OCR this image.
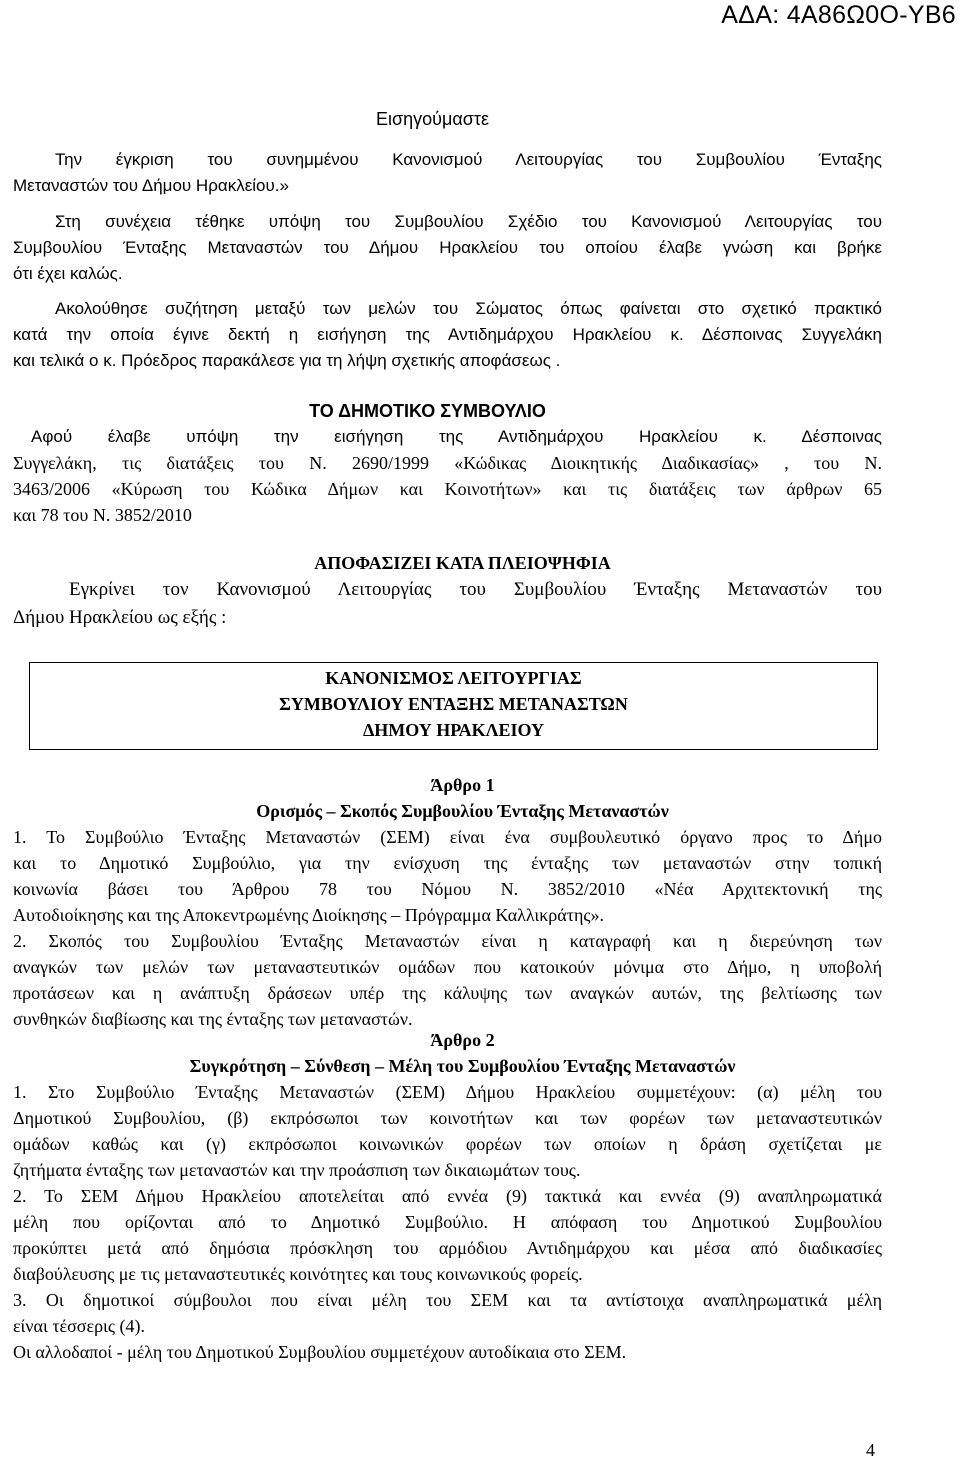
ΑΔΑ: 4Α86Ω0Ο-ΥΒ6
Εισηγούμαστε
Την έγκριση του συνημμένου Κανονισμού Λειτουργίας του Συμβουλίου Ένταξης
Μεταναστών του Δήμου Ηρακλείου.»
Στη συνέχεια τέθηκε υπόψη του Συμβουλίου Σχέδιο του Κανονισμού Λειτουργίας του
Συμβουλίου Ένταξης Μεταναστών του Δήμου Ηρακλείου του οποίου έλαβε γνώση και βρήκε
ότι έχει καλώς.
Ακολούθησε συζήτηση μεταξύ των μελών του Σώματος όπως φαίνεται στο σχετικό πρακτικό
κατά την οποία έγινε δεκτή η εισήγηση της Αντιδημάρχου Ηρακλείου κ. Δέσποινας Συγγελάκη
και τελικά ο κ. Πρόεδρος παρακάλεσε για τη λήψη σχετικής αποφάσεως .

ΤΟ ΔΗΜΟΤΙΚΟ ΣΥΜΒΟΥΛΙΟ

Αφού έλαβε υπόψη την εισήγηση της Αντιδημάρχου Ηρακλείου κ. Δέσποινας
Συγγελάκη, τις διατάξεις του Ν. 2690/1999 «Κώδικας Διοικητικής Διαδικασίας» , του Ν.
3463/2006 «Κύρωση του Κώδικα Δήμων και Κοινοτήτων» και τις διατάξεις των άρθρων 65
και 78 του Ν. 3852/2010

ΑΠΟΦΑΣΙΖΕΙ ΚΑΤΑ ΠΛΕΙΟΨΗΦΙΑ

Εγκρίνει τον Κανονισμού Λειτουργίας του Συμβουλίου Ένταξης Μεταναστών του
Δήμου Ηρακλείου ως εξής :

ΚΑΝΟΝΙΣΜΟΣ ΛΕΙΤΟΥΡΓΙΑΣ

ΣΥΜΒΟΥΛΙΟΥ ΕΝΤΑΞΗΣ ΜΕΤΑΝΑΣΤΩΝ

ΔΗΜΟΥ ΗΡΑΚΛΕΙΟΥ

Άρθρο 1

Ορισμός – Σκοπός Συμβουλίου Ένταξης Μεταναστών

1. Το Συμβούλιο Ένταξης Μεταναστών (ΣΕΜ) είναι ένα συμβουλευτικό όργανο προς το Δήμο
και το Δημοτικό Συμβούλιο, για την ενίσχυση της ένταξης των μεταναστών στην τοπική
κοινωνία βάσει του Άρθρου 78 του Νόμου Ν. 3852/2010 «Νέα Αρχιτεκτονική της
Αυτοδιοίκησης και της Αποκεντρωμένης Διοίκησης – Πρόγραμμα Καλλικράτης».
2. Σκοπός του Συμβουλίου Ένταξης Μεταναστών είναι η καταγραφή και η διερεύνηση των
αναγκών των μελών των μεταναστευτικών ομάδων που κατοικούν μόνιμα στο Δήμο, η υποβολή
προτάσεων και η ανάπτυξη δράσεων υπέρ της κάλυψης των αναγκών αυτών, της βελτίωσης των
συνθηκών διαβίωσης και της ένταξης των μεταναστών.

Άρθρο 2

Συγκρότηση – Σύνθεση – Μέλη του Συμβουλίου Ένταξης Μεταναστών

1. Στο Συμβούλιο Ένταξης Μεταναστών (ΣΕΜ) Δήμου Ηρακλείου συμμετέχουν: (α) μέλη του
Δημοτικού Συμβουλίου, (β) εκπρόσωποι των κοινοτήτων και των φορέων των μεταναστευτικών
ομάδων καθώς και (γ) εκπρόσωποι κοινωνικών φορέων των οποίων η δράση σχετίζεται με
ζητήματα ένταξης των μεταναστών και την προάσπιση των δικαιωμάτων τους.
2. Το ΣΕΜ Δήμου Ηρακλείου αποτελείται από εννέα (9) τακτικά και εννέα (9) αναπληρωματικά
μέλη που ορίζονται από το Δημοτικό Συμβούλιο. Η απόφαση του Δημοτικού Συμβουλίου
προκύπτει μετά από δημόσια πρόσκληση του αρμόδιου Αντιδημάρχου και μέσα από διαδικασίες
διαβούλευσης με τις μεταναστευτικές κοινότητες και τους κοινωνικούς φορείς.
3. Οι δημοτικοί σύμβουλοι που είναι μέλη του ΣΕΜ και τα αντίστοιχα αναπληρωματικά μέλη
είναι τέσσερις (4).
Οι αλλοδαποί - μέλη του Δημοτικού Συμβουλίου συμμετέχουν αυτοδίκαια στο ΣΕΜ.
4
